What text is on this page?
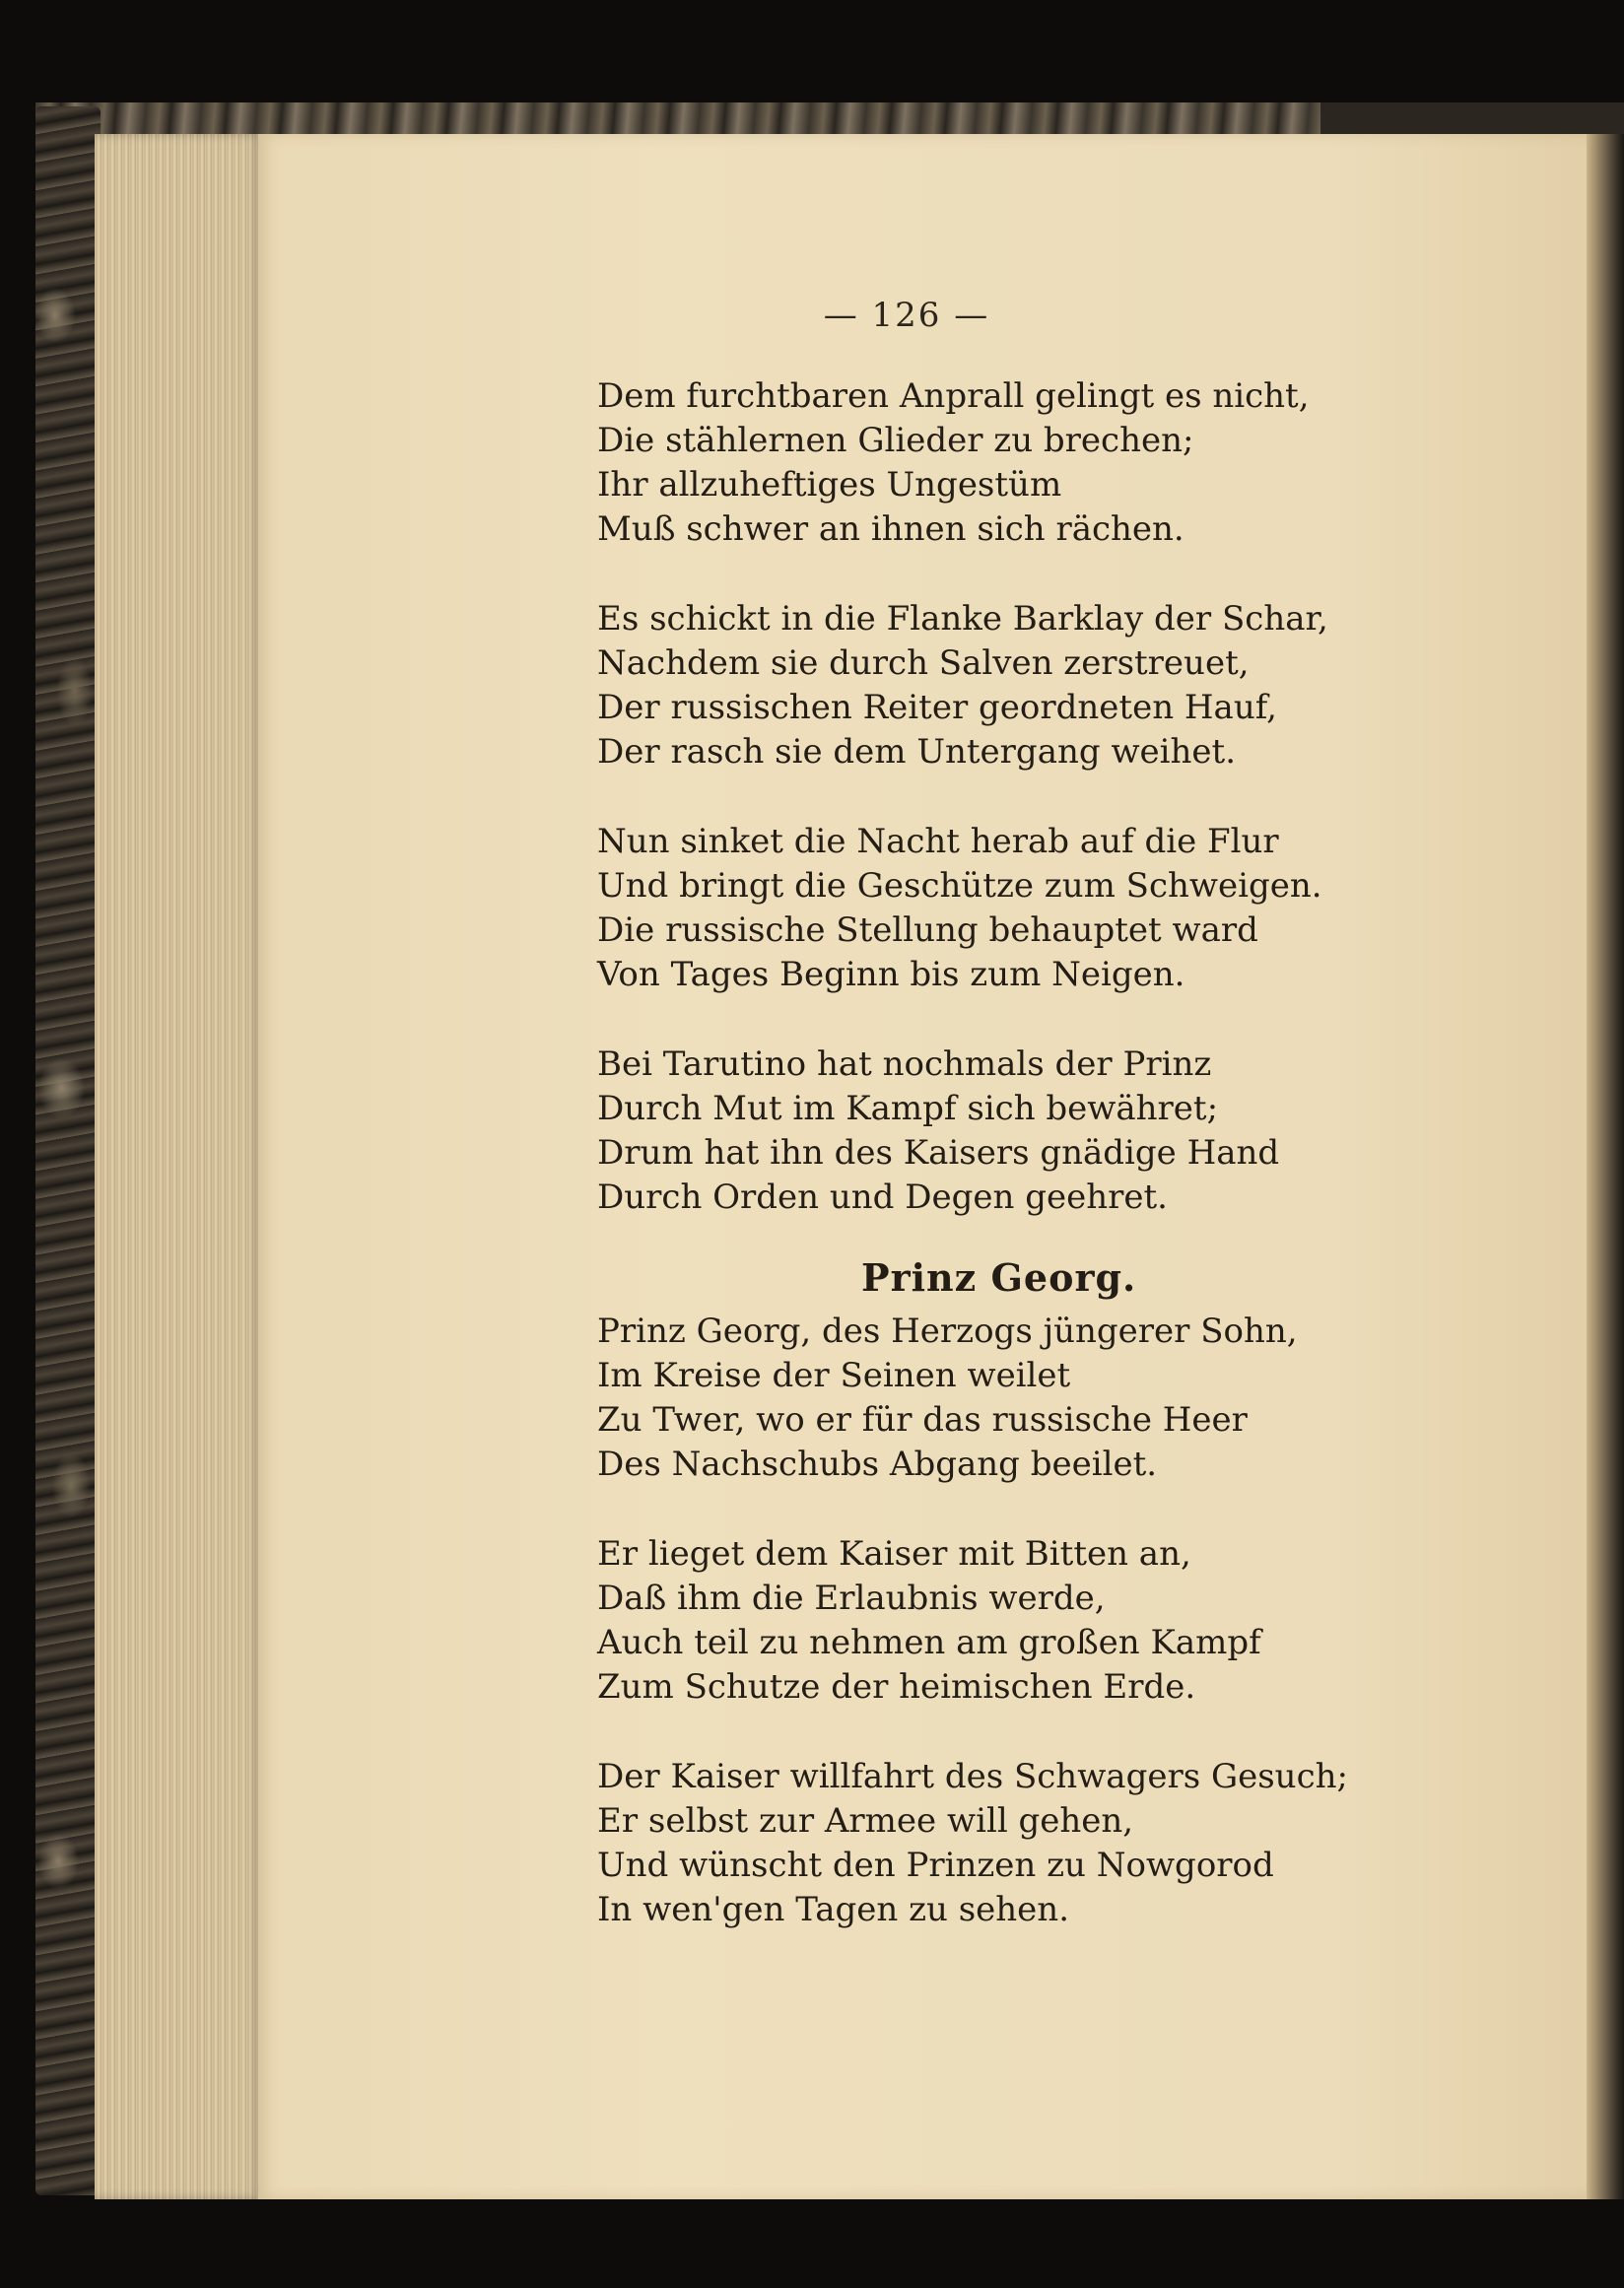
— 126 —
Dem furchtbaren Anprall gelingt es nicht,
Die stählernen Glieder zu brechen;
Ihr allzuheftiges Ungestüm
Muß schwer an ihnen sich rächen.
Es schickt in die Flanke Barklay der Schar,
Nachdem sie durch Salven zerstreuet,
Der russischen Reiter geordneten Hauf,
Der rasch sie dem Untergang weihet.
Nun sinket die Nacht herab auf die Flur
Und bringt die Geschütze zum Schweigen.
Die russische Stellung behauptet ward
Von Tages Beginn bis zum Neigen.
Bei Tarutino hat nochmals der Prinz
Durch Mut im Kampf sich bewähret;
Drum hat ihn des Kaisers gnädige Hand
Durch Orden und Degen geehret.
Prinz Georg.
Prinz Georg, des Herzogs jüngerer Sohn,
Im Kreise der Seinen weilet
Zu Twer, wo er für das russische Heer
Des Nachschubs Abgang beeilet.
Er lieget dem Kaiser mit Bitten an,
Daß ihm die Erlaubnis werde,
Auch teil zu nehmen am großen Kampf
Zum Schutze der heimischen Erde.
Der Kaiser willfahrt des Schwagers Gesuch;
Er selbst zur Armee will gehen,
Und wünscht den Prinzen zu Nowgorod
In wen'gen Tagen zu sehen.
